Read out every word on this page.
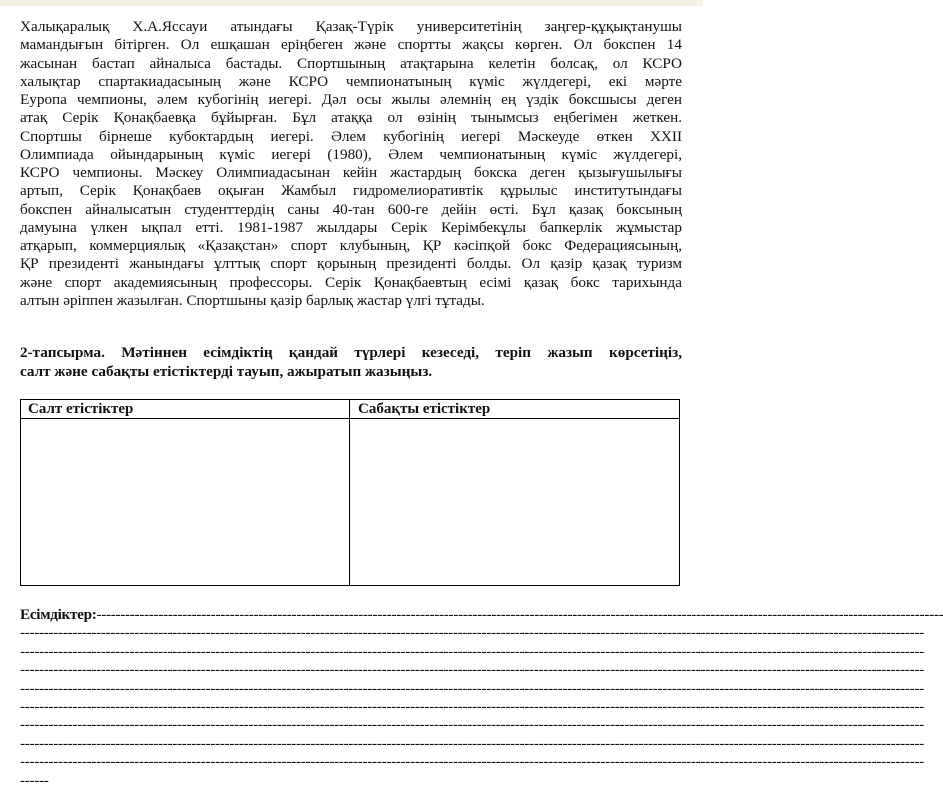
Халықаралық Х.А.Яссауи атындағы Қазақ-Түрік университетінің заңгер-құқықтанушы
мамандығын бітірген. Ол ешқашан еріңбеген және спортты жақсы көрген. Ол бокспен 14
жасынан бастап айналыса бастады. Спортшының атақтарына келетін болсақ, ол КСРО
халықтар спартакиадасының және КСРО чемпионатының күміс жүлдегері, екі мәрте
Еуропа чемпионы, әлем кубогінің иегері. Дәл осы жылы әлемнің ең үздік боксшысы деген
атақ Серік Қонақбаевқа бұйырған. Бұл атаққа ол өзінің тынымсыз еңбегімен жеткен.
Спортшы бірнеше кубоктардың иегері. Әлем кубогінің иегері Мәскеуде өткен XXII
Олимпиада ойындарының күміс иегері (1980), Әлем чемпионатының күміс жүлдегері,
КСРО чемпионы. Мәскеу Олимпиадасынан кейін жастардың бокска деген қызығушылығы
артып, Серік Қонақбаев оқыған Жамбыл гидромелиоративтік құрылыс институтындағы
бокспен айналысатын студенттердің саны 40-тан 600-ге дейін өсті. Бұл қазақ боксының
дамуына үлкен ықпал етті. 1981-1987 жылдары Серік Керімбекұлы бапкерлік жұмыстар
атқарып, коммерциялық «Қазақстан» спорт клубының, ҚР кәсіпқой бокс Федерациясының,
ҚР президенті жанындағы ұлттық спорт қорының президенті болды. Ол қазір қазақ туризм
және спорт академиясының профессоры. Серік Қонақбаевтың есімі қазақ бокс тарихында
алтын әріппен жазылған. Спортшыны қазір барлық жастар үлгі тұтады.
2-тапсырма. Мәтіннен есімдіктің қандай түрлері кезеседі, теріп жазып көрсетіңіз,
салт және сабақты етістіктерді тауып, ажыратып жазыңыз.
Салт етістіктер	Сабақты етістіктер
Есімдіктер:----------------------------------------------------------------------------------------------------------------------------------------------------------------------------------
----------------------------------------------------------------------------------------------------------------------------------------------------------------------------------------------
----------------------------------------------------------------------------------------------------------------------------------------------------------------------------------------------
----------------------------------------------------------------------------------------------------------------------------------------------------------------------------------------------
----------------------------------------------------------------------------------------------------------------------------------------------------------------------------------------------
----------------------------------------------------------------------------------------------------------------------------------------------------------------------------------------------
----------------------------------------------------------------------------------------------------------------------------------------------------------------------------------------------
----------------------------------------------------------------------------------------------------------------------------------------------------------------------------------------------
----------------------------------------------------------------------------------------------------------------------------------------------------------------------------------------------
------
